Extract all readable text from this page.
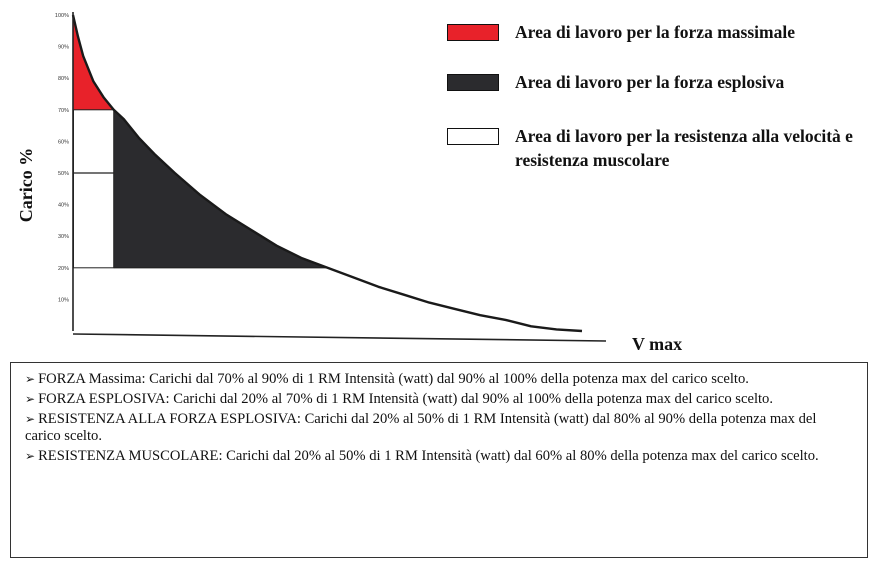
10%
20%
30%
40%
50%
60%
70%
80%
90%
100%
Carico %
V max
Area di lavoro per la forza massimale
Area di lavoro per la forza esplosiva
Area di lavoro per la resistenza alla velocità e resistenza muscolare

➢ FORZA Massima: Carichi dal 70% al 90% di 1 RM Intensità (watt) dal 90% al 100% della potenza max del carico scelto.

➢ FORZA ESPLOSIVA: Carichi dal 20% al 70% di 1 RM Intensità (watt) dal 90% al 100% della potenza max del carico scelto.

➢ RESISTENZA ALLA FORZA ESPLOSIVA: Carichi dal 20% al 50% di 1 RM Intensità (watt) dal 80% al 90% della potenza max del carico scelto.

➢ RESISTENZA MUSCOLARE: Carichi dal 20% al 50% di 1 RM Intensità (watt) dal 60% al 80% della potenza max del carico scelto.
